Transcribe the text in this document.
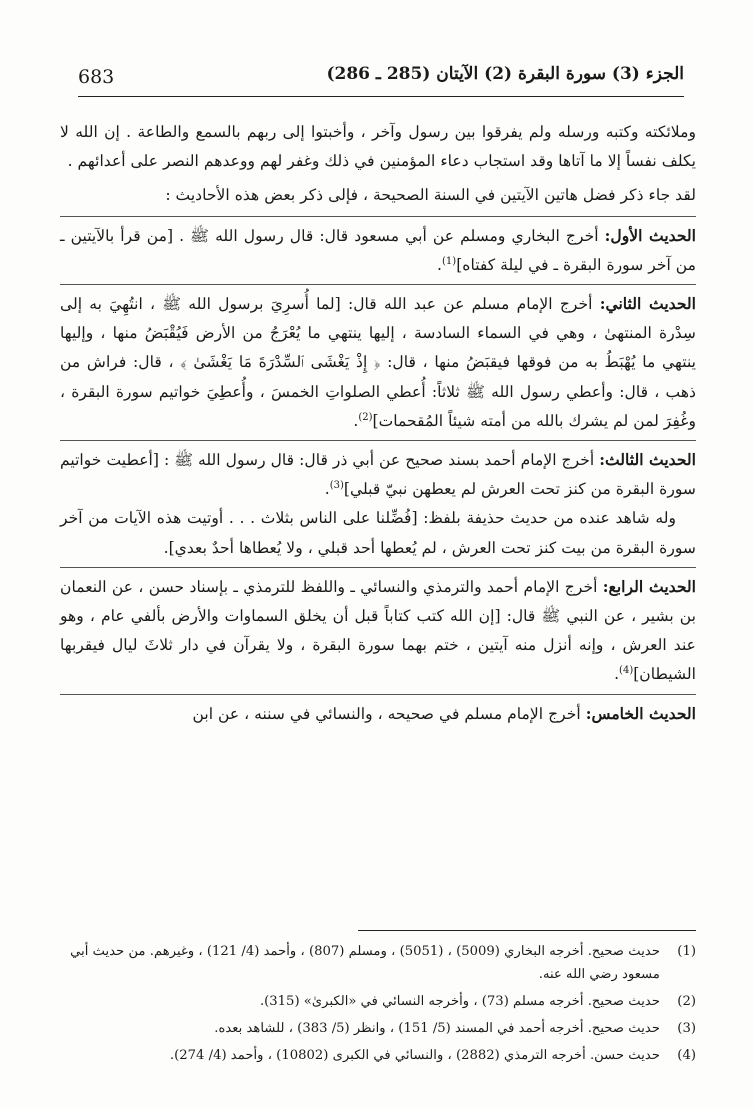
683	الجزء (3) سورة البقرة (2) الآيتان (285 ـ 286)

وملائكته وكتبه ورسله ولم يفرقوا بين رسول وآخر ، وأخبتوا إلى ربهم بالسمع والطاعة . إن الله لا يكلف نفساً إلا ما آتاها وقد استجاب دعاء المؤمنين في ذلك وغفر لهم ووعدهم النصر على أعدائهم .

لقد جاء ذكر فضل هاتين الآيتين في السنة الصحيحة ، فإلى ذكر بعض هذه الأحاديث :

الحديث الأول: أخرج البخاري ومسلم عن أبي مسعود قال: قال رسول الله ﷺ . [من قرأ بالآيتين ـ من آخر سورة البقرة ـ في ليلة كفتاه]$^{(1)}$.

الحديث الثاني: أخرج الإمام مسلم عن عبد الله قال: [لما أُسرِيَ برسول الله ﷺ ، انتُهِيَ به إلى سِدْرة المنتهىٰ ، وهي في السماء السادسة ، إليها ينتهي ما يُعْرَجُ من الأرض فَيُقْبَضُ منها ، وإليها ينتهي ما يُهْبَطُ به من فوقها فيقبَضُ منها ، قال: ﴿ إِذْ يَغْشَى ٱلسِّدْرَةَ مَا يَغْشَىٰ ﴾ ، قال: فراش من ذهب ، قال: وأعطي رسول الله ﷺ ثلاثاً: أُعطي الصلواتِ الخمسَ ، وأُعطِيَ خواتيم سورة البقرة ، وغُفِرَ لمن لم يشرك بالله من أمته شيئاً المُقحمات]$^{(2)}$.

الحديث الثالث: أخرج الإمام أحمد بسند صحيح عن أبي ذر قال: قال رسول الله ﷺ : [أعطيت خواتيم سورة البقرة من كنز تحت العرش لم يعطهن نبيّ قبلي]$^{(3)}$.

وله شاهد عنده من حديث حذيفة بلفظ: [فُضِّلنا على الناس بثلاث . . . أوتيت هذه الآيات من آخر سورة البقرة من بيت كنز تحت العرش ، لم يُعطها أحد قبلي ، ولا يُعطاها أحدٌ بعدي].

الحديث الرابع: أخرج الإمام أحمد والترمذي والنسائي ـ واللفظ للترمذي ـ بإسناد حسن ، عن النعمان بن بشير ، عن النبي ﷺ قال: [إن الله كتب كتاباً قبل أن يخلق السماوات والأرض بألفي عام ، وهو عند العرش ، وإنه أنزل منه آيتين ، ختم بهما سورة البقرة ، ولا يقرآن في دار ثلاثَ ليال فيقربها الشيطان]$^{(4)}$.

الحديث الخامس: أخرج الإمام مسلم في صحيحه ، والنسائي في سننه ، عن ابن

(1)
حديث صحيح. أخرجه البخاري (5009) ، (5051) ، ومسلم (807) ، وأحمد (4/ 121) ، وغيرهم. من حديث أبي مسعود رضي الله عنه.
(2)
حديث صحيح. أخرجه مسلم (73) ، وأخرجه النسائي في «الكبرىٰ» (315).
(3)
حديث صحيح. أخرجه أحمد في المسند (5/ 151) ، وانظر (5/ 383) ، للشاهد بعده.
(4)
حديث حسن. أخرجه الترمذي (2882) ، والنسائي في الكبرى (10802) ، وأحمد (4/ 274).
